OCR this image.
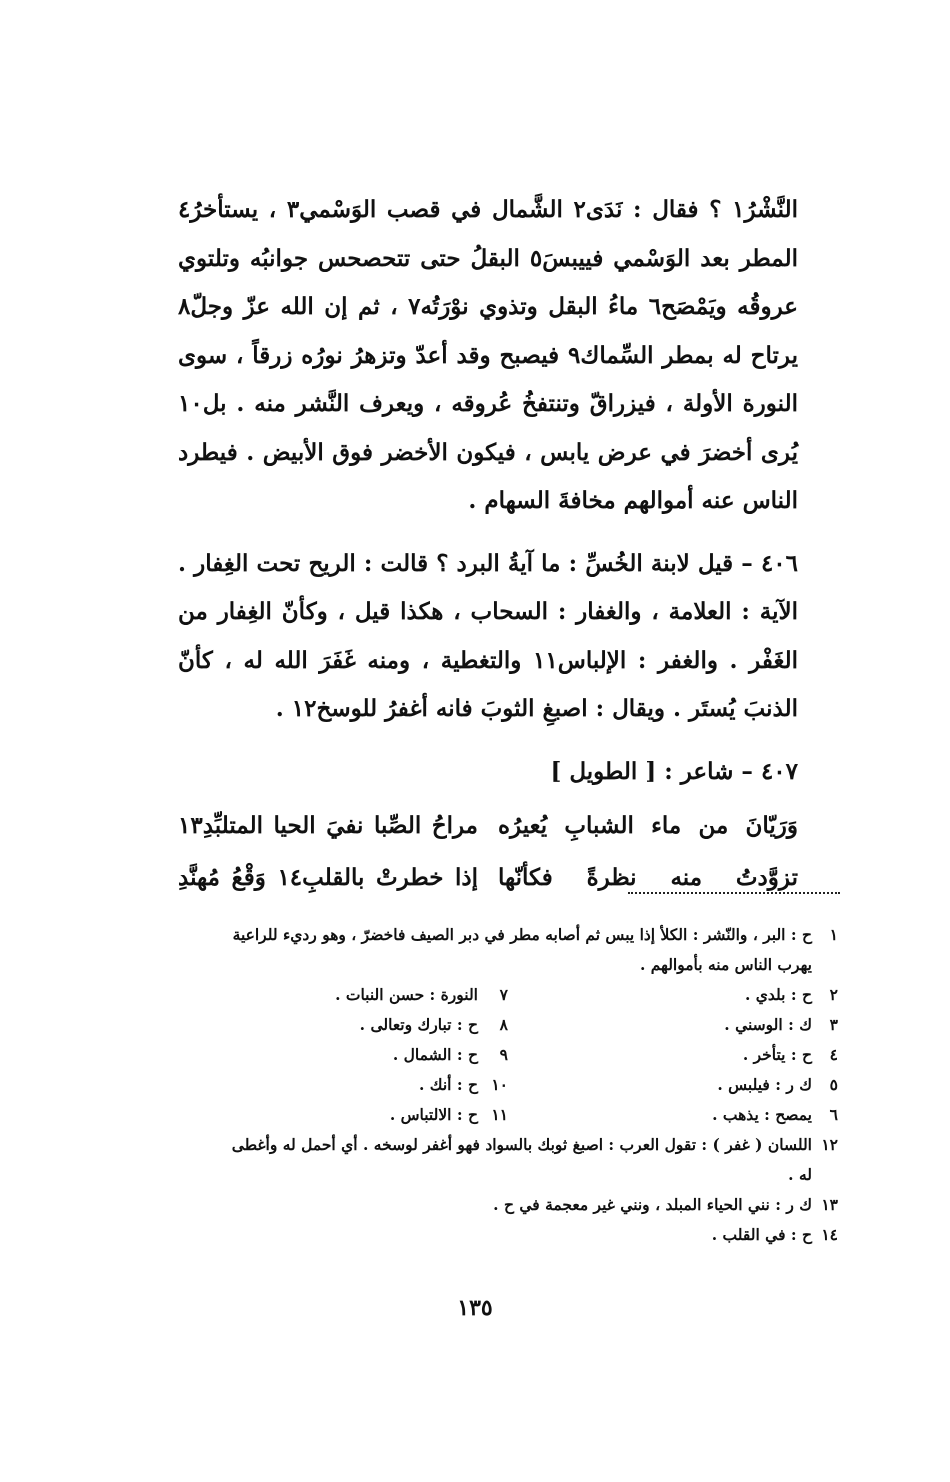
النَّشْرُ١ ؟ فقال : نَدَى٢ الشَّمال في قصب الوَسْمي٣ ، يستأخرُ٤ المطر بعد الوَسْمي فييبسَ٥ البقلُ حتى تتحصحس جوانبُه وتلتوي عروقُه ويَمْصَح٦ ماءُ البقل وتذوي نوْرَتُه٧ ، ثم إن الله عزّ وجلّ٨ يرتاح له بمطر السِّماك٩ فيصبح وقد أعدّ وتزهرُ نورُه زرقاً ، سوى النورة الأولة ، فيزراقّ وتنتفخُ عُروقه ، ويعرف النَّشر منه . بل١٠ يُرى أخضرَ في عرض يابس ، فيكون الأخضر فوق الأبيض . فيطرد الناس عنه أموالهم مخافةَ السهام .

٤٠٦ – قيل لابنة الخُسِّ : ما آيةُ البرد ؟ قالت : الريح تحت الغِفار . الآية : العلامة ، والغفار : السحاب ، هكذا قيل ، وكأنّ الغِفار من الغَفْر . والغفر : الإلباس١١ والتغطية ، ومنه غَفَرَ الله له ، كأنّ الذنبَ يُستَر . ويقال : اصبغِ الثوبَ فانه أغفرُ للوسخ١٢ .

٤٠٧ – شاعر : [ الطويل ]

وَرَيّانَ من ماء الشبابِ يُعيرُه
مراحُ الصِّبا نفيَ الحيا المتلبِّدِ١٣
تزوَّدتُ منه نظرةً فكأنّها
إذا خطرتْ بالقلبِ١٤ وَقْعُ مُهنَّدِ
١
ح : البر ، والنّشر : الكلأ إذا يبس ثم أصابه مطر في دبر الصيف فاخضرّ ، وهو رديء للراعية
يهرب الناس منه بأموالهم .
٢
ح : بلدي .
٧
النورة : حسن النبات .
٣
ك : الوسني .
٨
ح : تبارك وتعالى .
٤
ح : يتأخر .
٩
ح : الشمال .
٥
ك ر : فيلبس .
١٠
ح : أنك .
٦
يمصح : يذهب .
١١
ح : الالتباس .
١٢
اللسان ( غفر ) : تقول العرب : اصبغ ثوبك بالسواد فهو أغفر لوسخه . أي أحمل له وأغطى
له .
١٣
ك ر : نني الحياء المبلد ، ونني غير معجمة في ح .
١٤
ح : في القلب .
١٣٥
